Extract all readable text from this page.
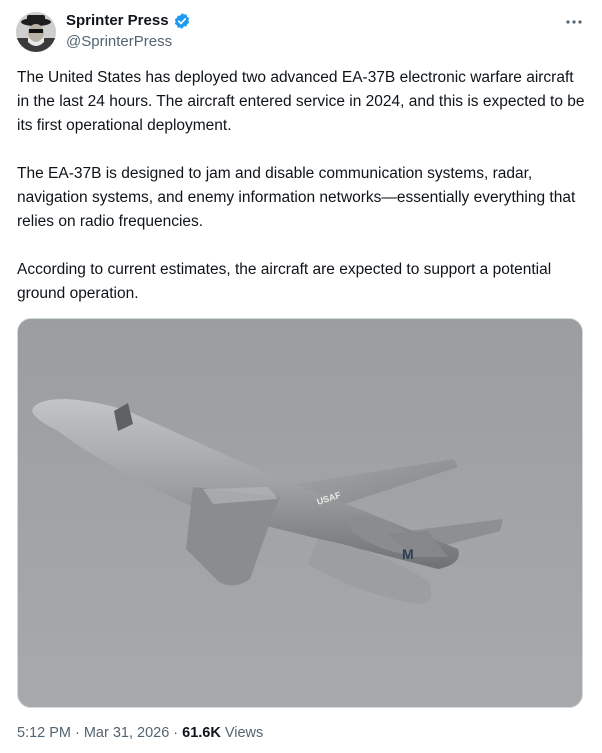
Sprinter Press
@SprinterPress

The United States has deployed two advanced EA-37B electronic warfare aircraft in the last 24 hours. The aircraft entered service in 2024, and this is expected to be its first operational deployment.

The EA-37B is designed to jam and disable communication systems, radar, navigation systems, and enemy information networks—essentially everything that relies on radio frequencies.

According to current estimates, the aircraft are expected to support a potential ground operation.

USAF
M
5:12 PM · Mar 31, 2026 · 61.6K Views
